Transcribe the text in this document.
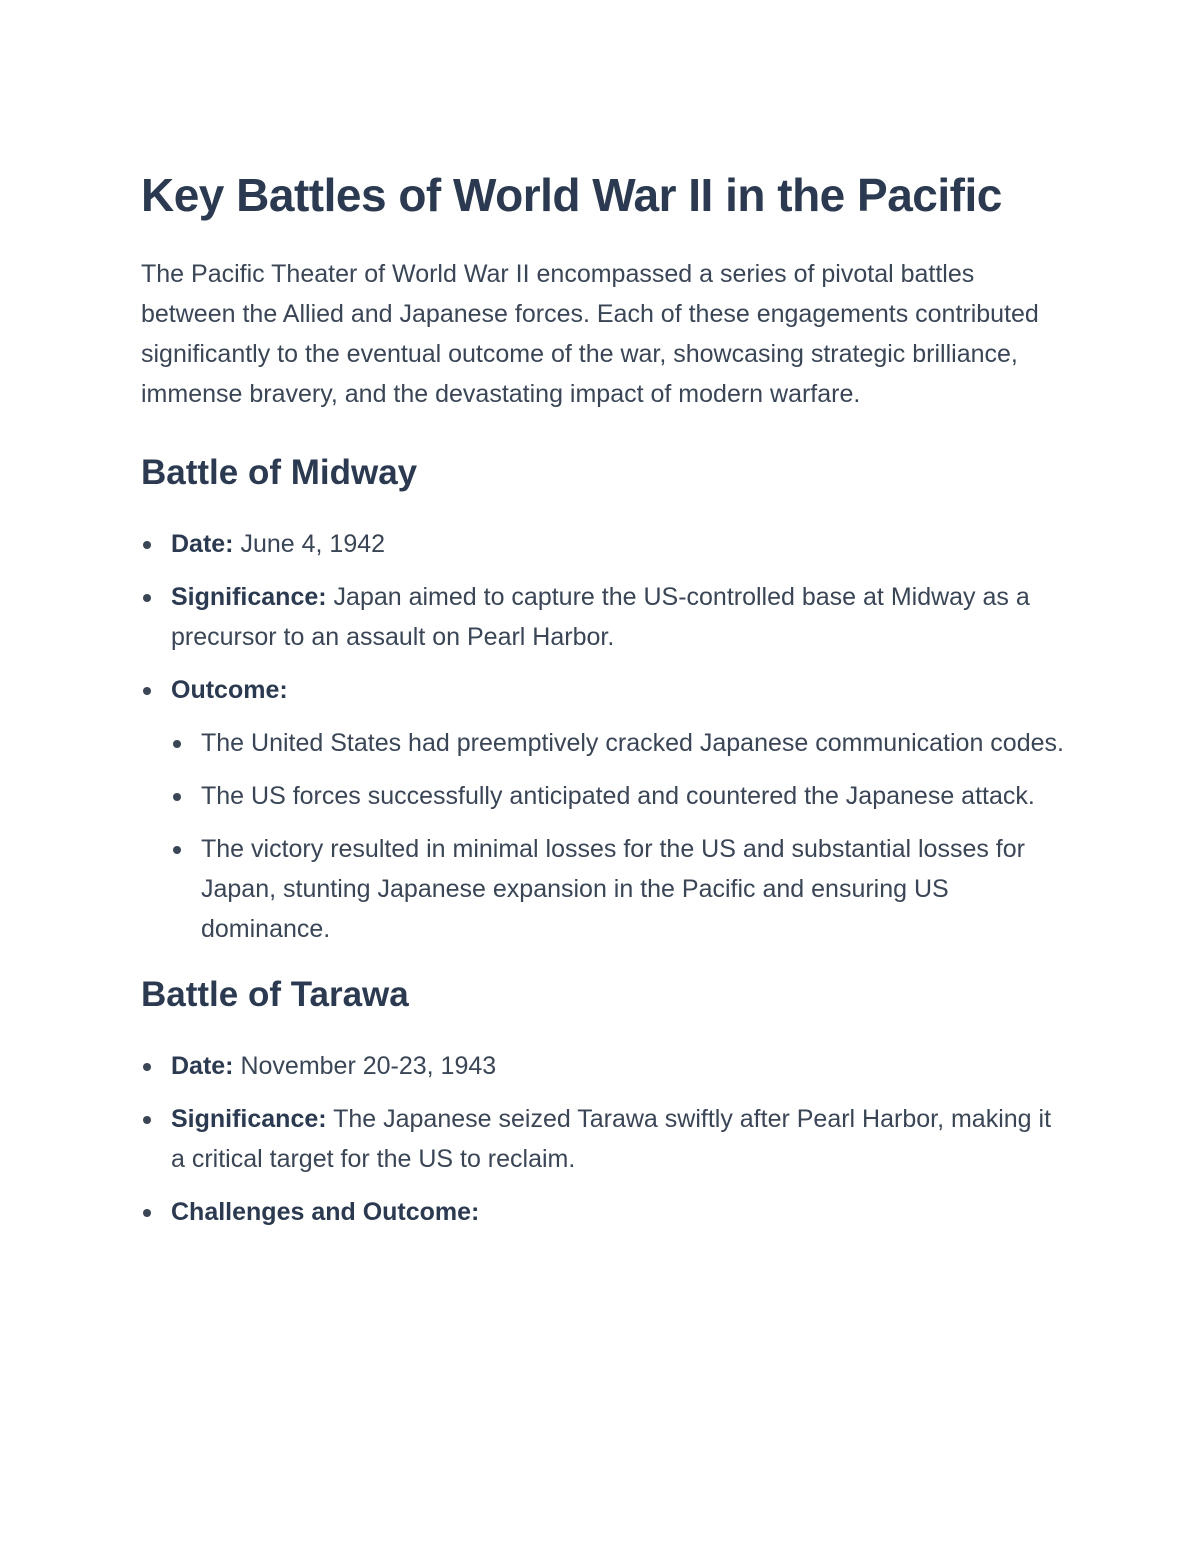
Key Battles of World War II in the Pacific

The Pacific Theater of World War II encompassed a series of pivotal battles between the Allied and Japanese forces. Each of these engagements contributed significantly to the eventual outcome of the war, showcasing strategic brilliance, immense bravery, and the devastating impact of modern warfare.

Battle of Midway
Date: June 4, 1942
Significance: Japan aimed to capture the US-controlled base at Midway as a precursor to an assault on Pearl Harbor.
Outcome:
The United States had preemptively cracked Japanese communication codes.
The US forces successfully anticipated and countered the Japanese attack.
The victory resulted in minimal losses for the US and substantial losses for Japan, stunting Japanese expansion in the Pacific and ensuring US dominance.
Battle of Tarawa
Date: November 20-23, 1943
Significance: The Japanese seized Tarawa swiftly after Pearl Harbor, making it a critical target for the US to reclaim.
Challenges and Outcome:
